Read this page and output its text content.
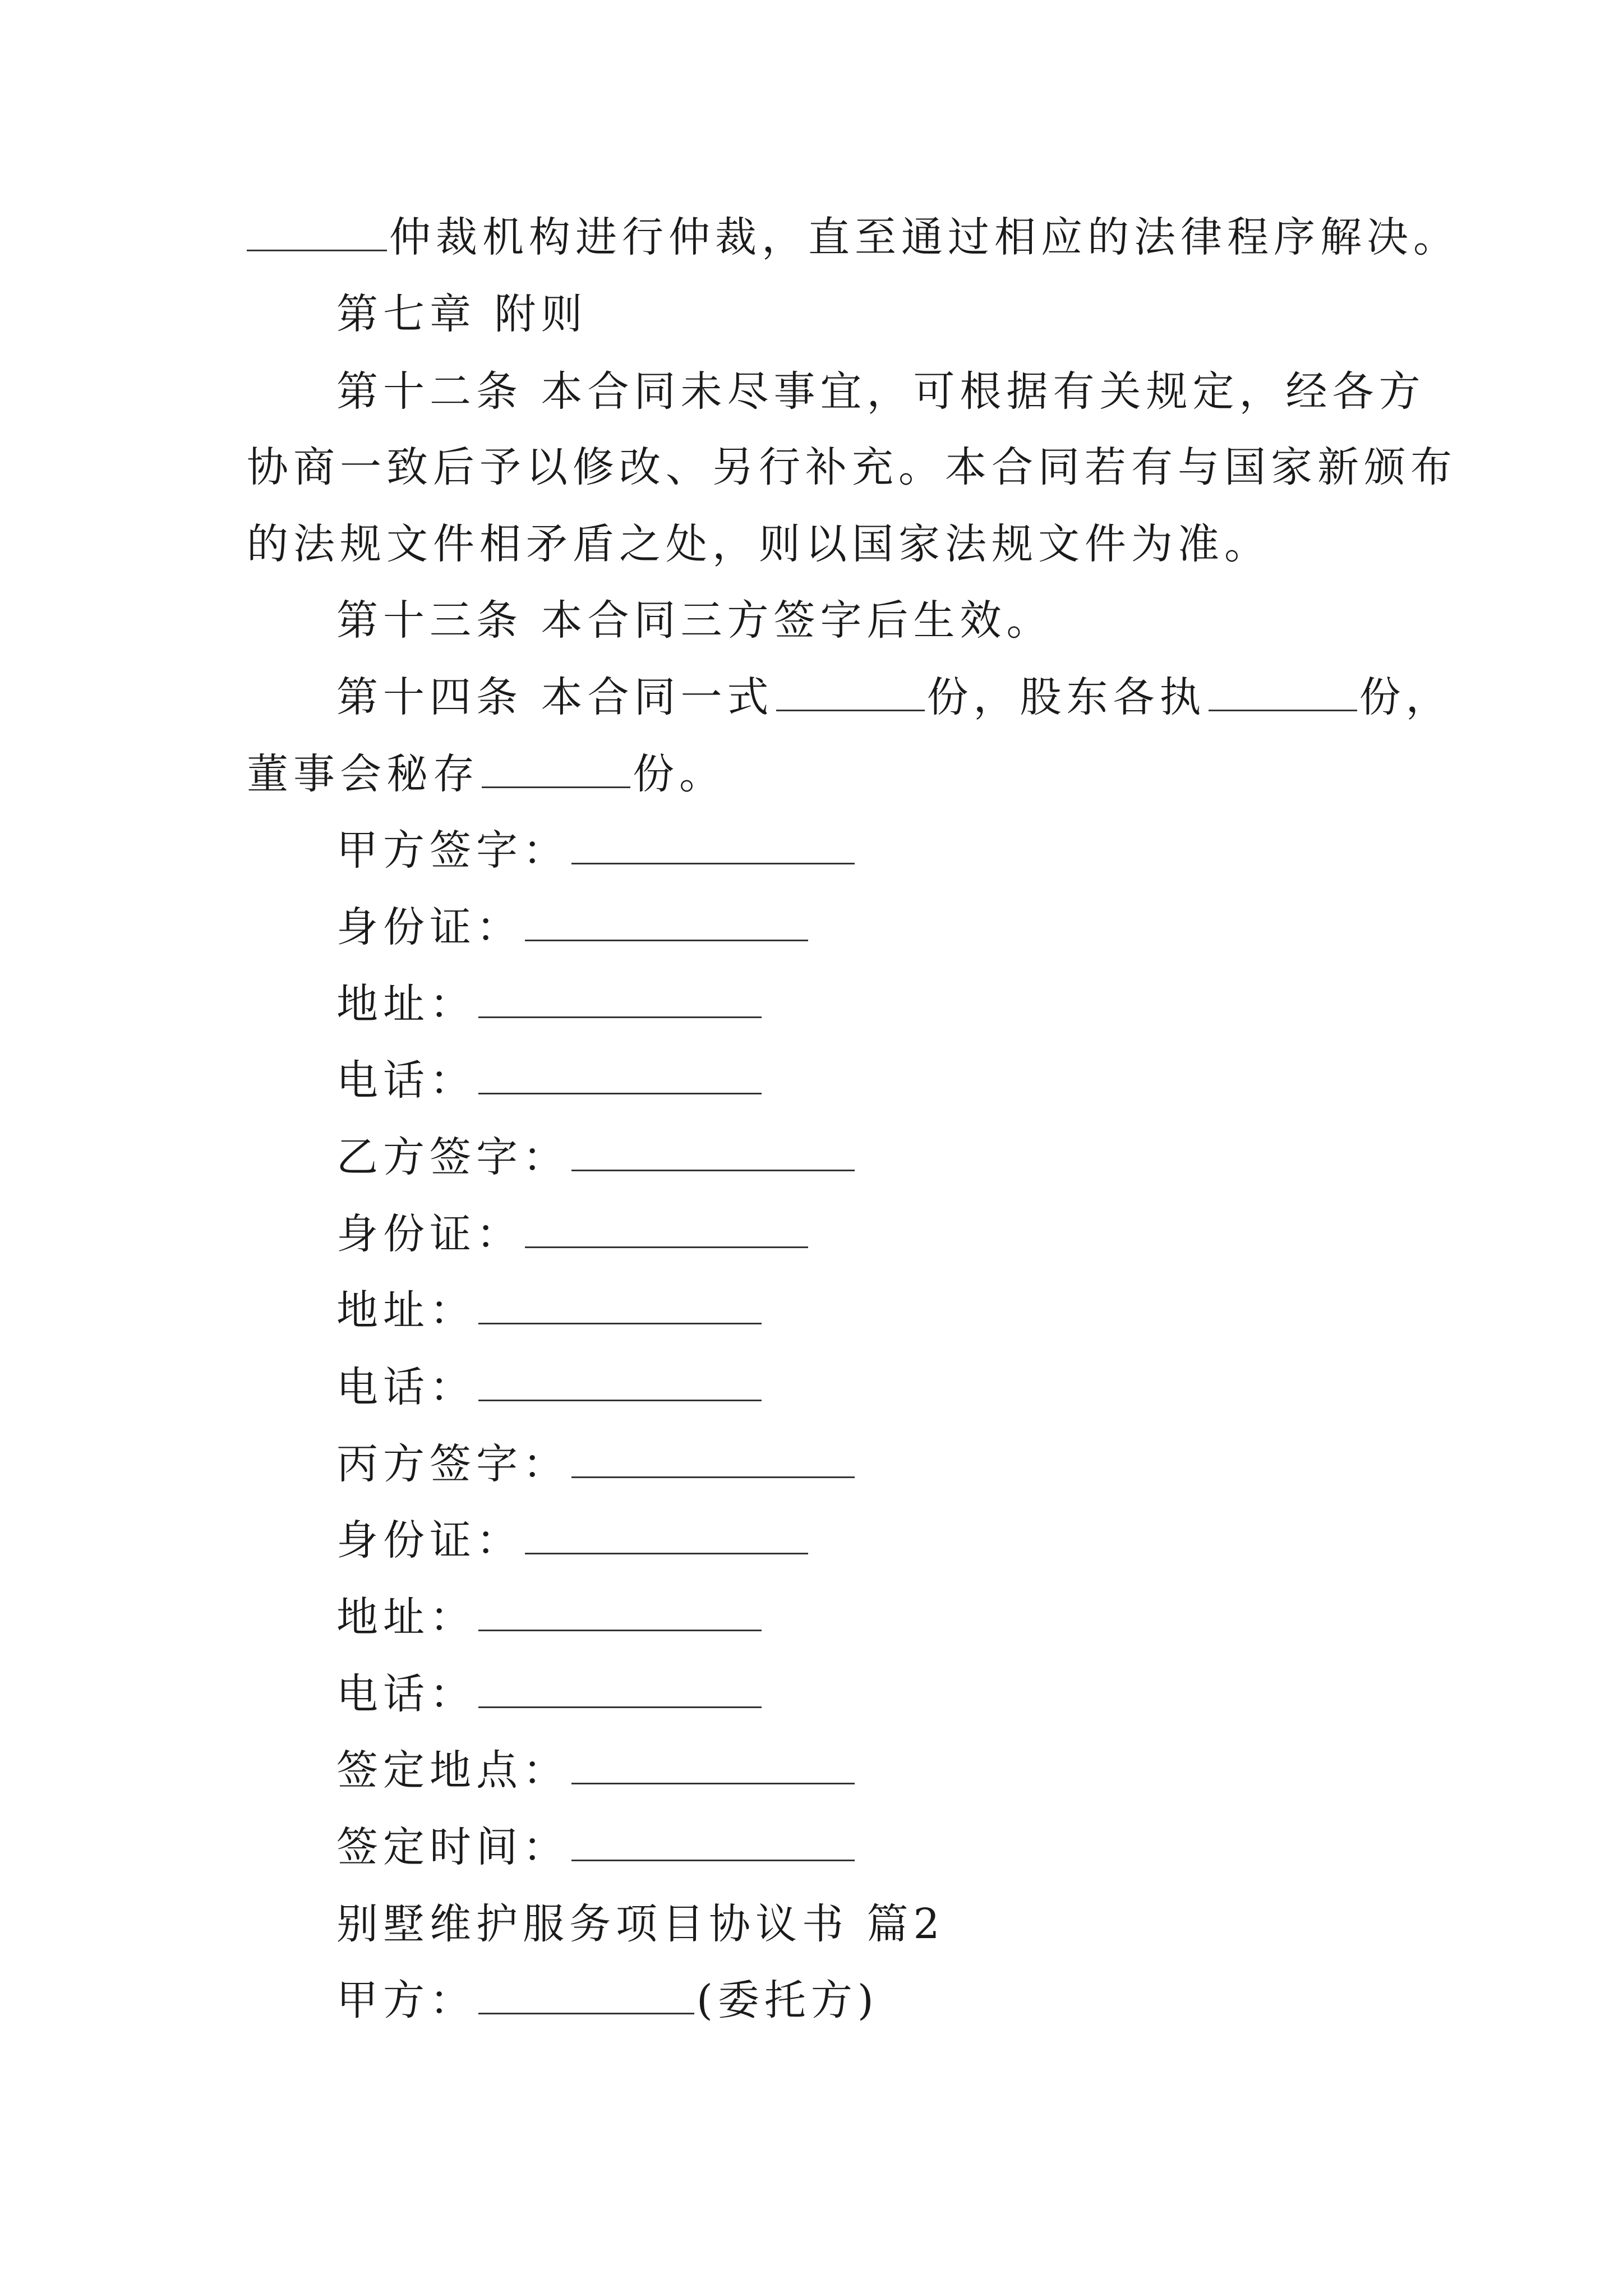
仲裁机构进行仲裁，直至通过相应的法律程序解决。
第七章 附则
第十二条 本合同未尽事宜，可根据有关规定，经各方
协商一致后予以修改、另行补充。本合同若有与国家新颁布
的法规文件相矛盾之处，则以国家法规文件为准。
第十三条 本合同三方签字后生效。
第十四条 本合同一式	份，股东各执	份，
董事会秘存	份。
甲方签字：
身份证：
地址：
电话：
乙方签字：
身份证：
地址：
电话：
丙方签字：
身份证：
地址：
电话：
签定地点：
签定时间：
别墅维护服务项目协议书 篇2
甲方：	(委托方)
